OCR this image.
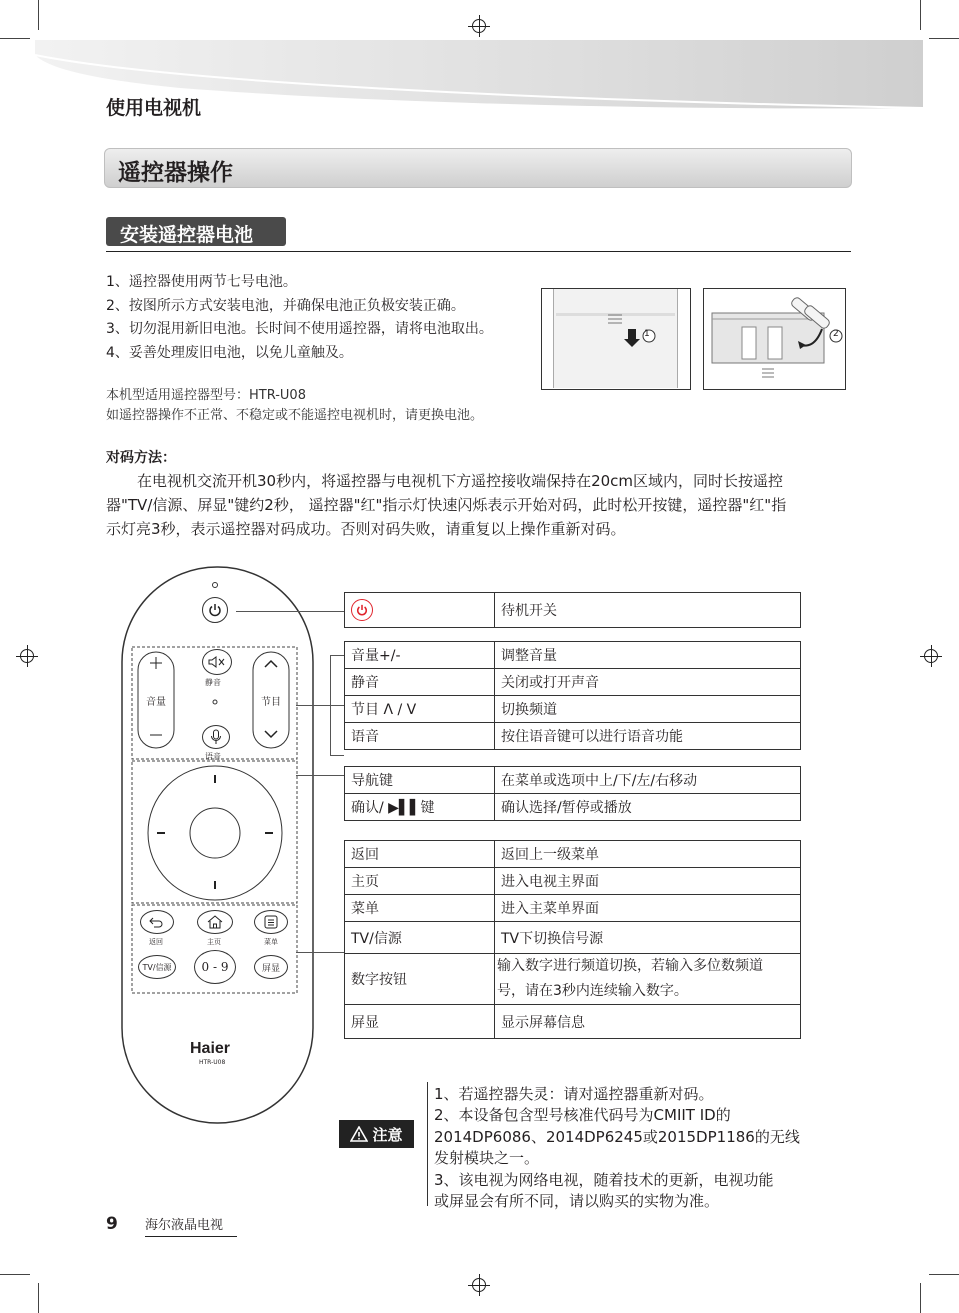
使用电视机
遥控器操作
安装遥控器电池
1、遥控器使用两节七号电池。
2、按图所示方式安装电池，并确保电池正负极安装正确。
3、切勿混用新旧电池。长时间不使用遥控器，请将电池取出。
4、妥善处理废旧电池，以免儿童触及。
本机型适用遥控器型号：HTR-U08
如遥控器操作不正常、不稳定或不能遥控电视机时，请更换电池。
1	2
对码方法：
在电视机交流开机30秒内，将遥控器与电视机下方遥控接收端保持在20cm区域内，同时长按遥控
器"TV/信源、屏显"键约2秒， 遥控器"红"指示灯快速闪烁表示开始对码，此时松开按键，遥控器"红"指
示灯亮3秒，表示遥控器对码成功。否则对码失败，请重复以上操作重新对码。
静音
音量	节目
语音
返回	主页	菜单
TV/信源	0 - 9	屏显
Haier
HTR-U08
	待机开关
音量+/-	调整音量
静音	关闭或打开声音
节目 Λ / V	切换频道
语音	按住语音键可以进行语音功能
导航键	在菜单或选项中上/下/左/右移动
确认/ ▶▌▌键	确认选择/暂停或播放
返回	返回上一级菜单
主页	进入电视主界面
菜单	进入主菜单界面
TV/信源	TV下切换信号源
数字按钮	输入数字进行频道切换，若输入多位数频道
号，请在3秒内连续输入数字。

屏显	显示屏幕信息
注意
1、若遥控器失灵：请对遥控器重新对码。
2、本设备包含型号核准代码号为CMIIT ID的
2014DP6086、2014DP6245或2015DP1186的无线
发射模块之一。
3、该电视为网络电视，随着技术的更新，电视功能
或屏显会有所不同，请以购买的实物为准。
9 海尔液晶电视
